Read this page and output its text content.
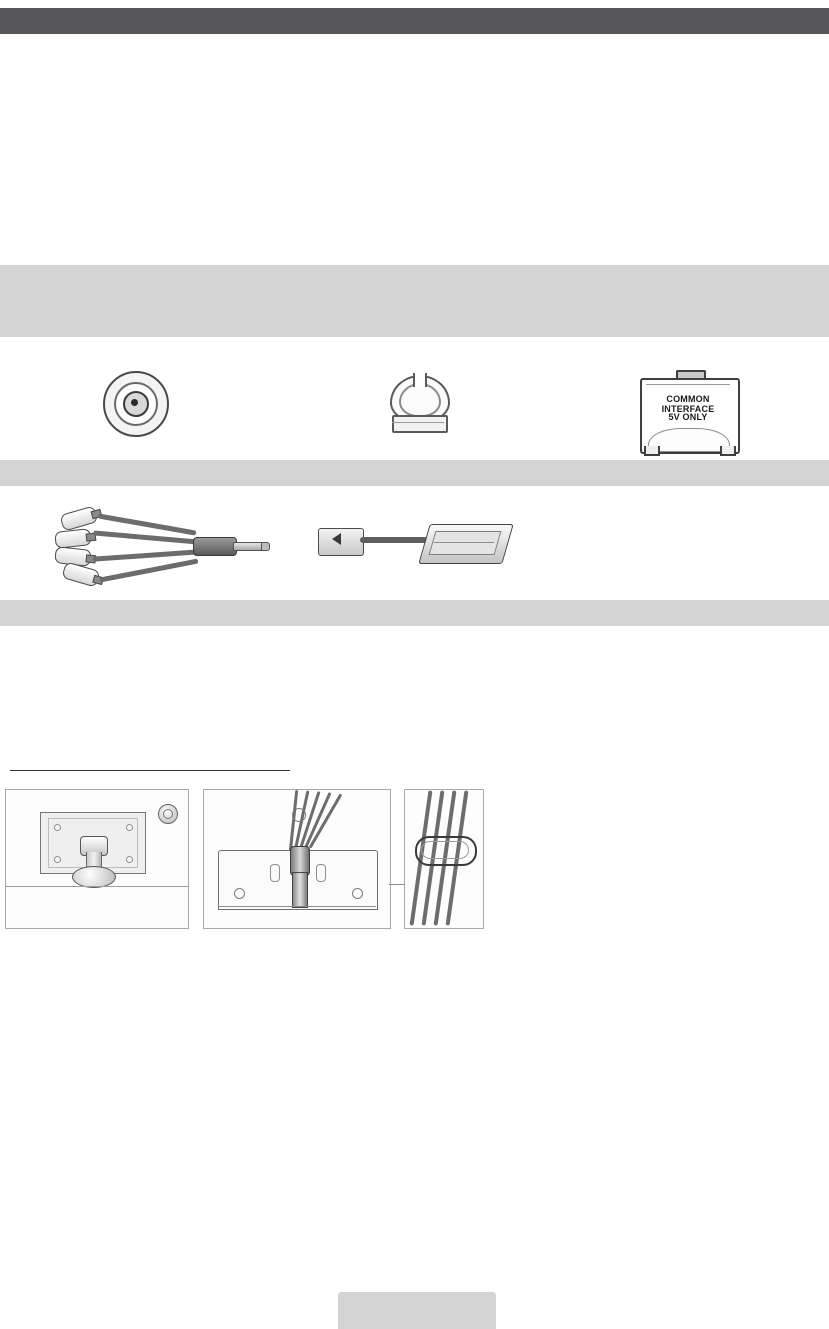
COMMON INTERFACE
5V ONLY
